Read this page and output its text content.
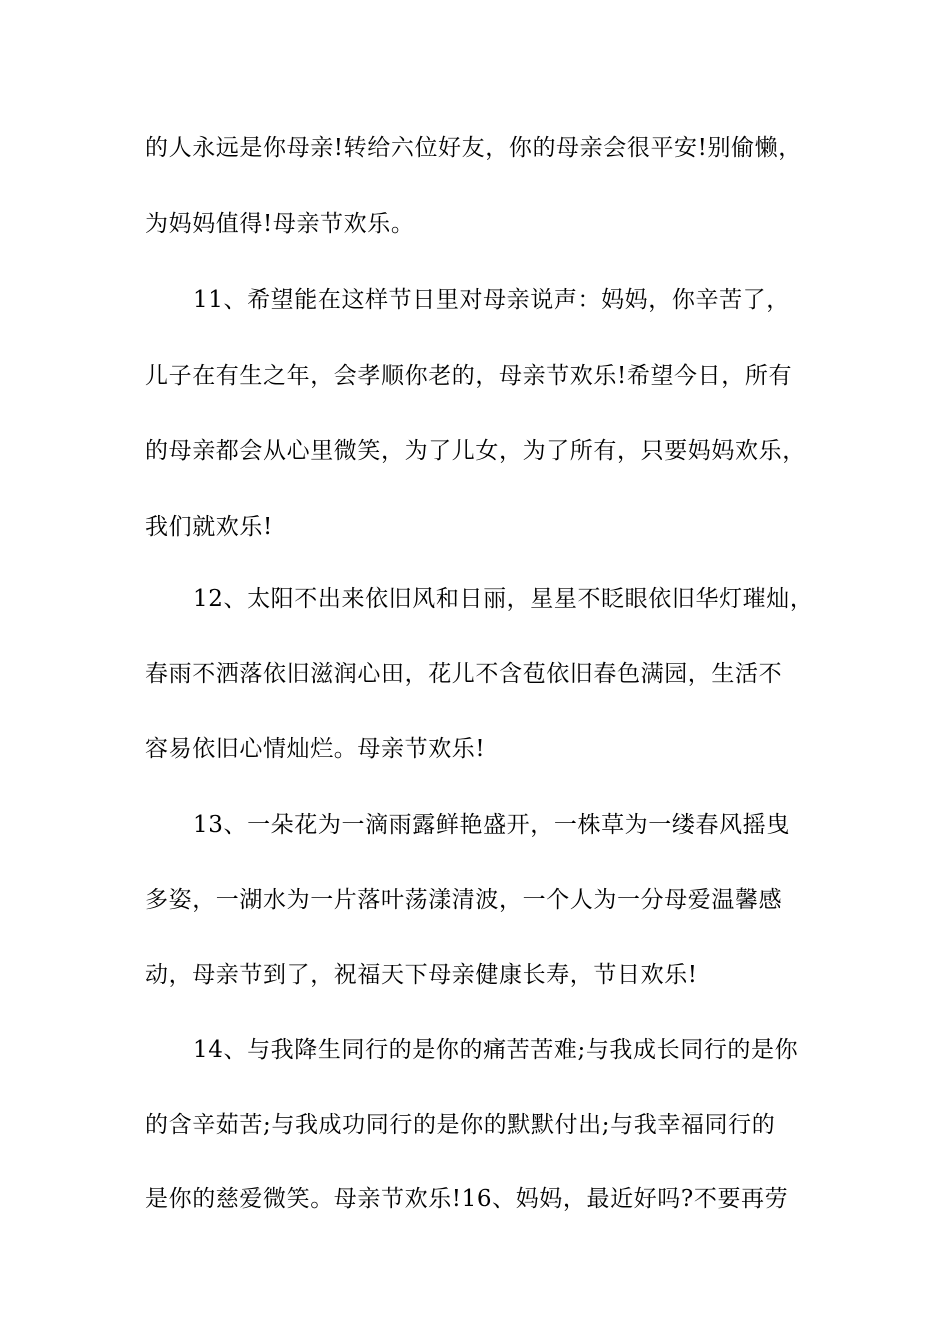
的人永远是你母亲!转给六位好友，你的母亲会很平安!别偷懒，
为妈妈值得!母亲节欢乐。
11、希望能在这样节日里对母亲说声：妈妈，你辛苦了，
儿子在有生之年，会孝顺你老的，母亲节欢乐!希望今日，所有
的母亲都会从心里微笑，为了儿女，为了所有，只要妈妈欢乐，
我们就欢乐!
12、太阳不出来依旧风和日丽，星星不眨眼依旧华灯璀灿，
春雨不洒落依旧滋润心田，花儿不含苞依旧春色满园，生活不
容易依旧心情灿烂。母亲节欢乐!
13、一朵花为一滴雨露鲜艳盛开，一株草为一缕春风摇曳
多姿，一湖水为一片落叶荡漾清波，一个人为一分母爱温馨感
动，母亲节到了，祝福天下母亲健康长寿，节日欢乐!
14、与我降生同行的是你的痛苦苦难;与我成长同行的是你
的含辛茹苦;与我成功同行的是你的默默付出;与我幸福同行的
是你的慈爱微笑。母亲节欢乐!16、妈妈，最近好吗?不要再劳
